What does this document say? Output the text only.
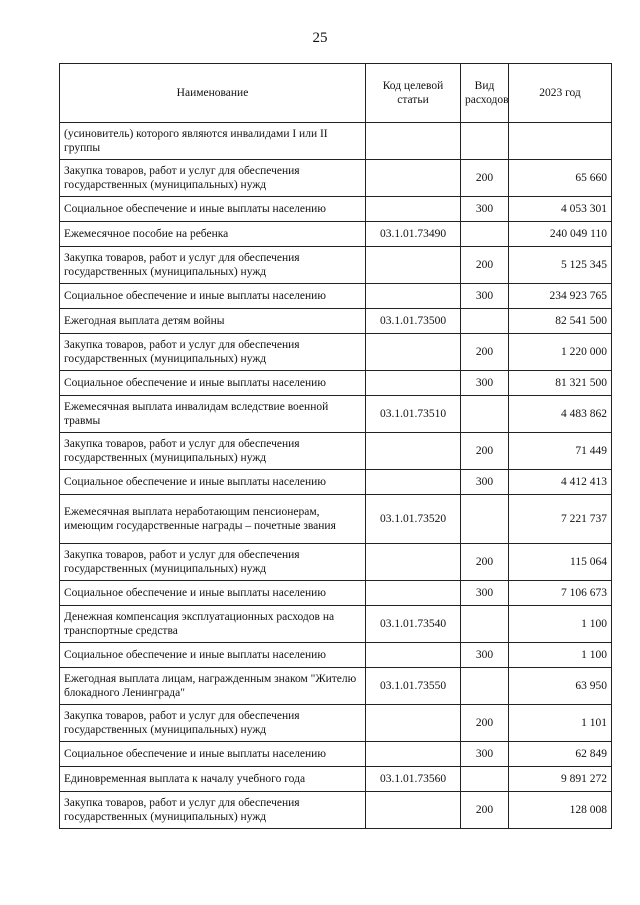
25
Наименование	Код целевой статьи	Вид расходов	2023 год
(усиновитель) которого являются инвалидами I или II группы			
Закупка товаров, работ и услуг для обеспечения государственных (муниципальных) нужд		200	65 660
Социальное обеспечение и иные выплаты населению		300	4 053 301
Ежемесячное пособие на ребенка	03.1.01.73490		240 049 110
Закупка товаров, работ и услуг для обеспечения государственных (муниципальных) нужд		200	5 125 345
Социальное обеспечение и иные выплаты населению		300	234 923 765
Ежегодная выплата детям войны	03.1.01.73500		82 541 500
Закупка товаров, работ и услуг для обеспечения государственных (муниципальных) нужд		200	1 220 000
Социальное обеспечение и иные выплаты населению		300	81 321 500
Ежемесячная выплата инвалидам вследствие военной травмы	03.1.01.73510		4 483 862
Закупка товаров, работ и услуг для обеспечения государственных (муниципальных) нужд		200	71 449
Социальное обеспечение и иные выплаты населению		300	4 412 413
Ежемесячная выплата неработающим пенсионерам, имеющим государственные награды – почетные звания	03.1.01.73520		7 221 737
Закупка товаров, работ и услуг для обеспечения государственных (муниципальных) нужд		200	115 064
Социальное обеспечение и иные выплаты населению		300	7 106 673
Денежная компенсация эксплуатационных расходов на транспортные средства	03.1.01.73540		1 100
Социальное обеспечение и иные выплаты населению		300	1 100
Ежегодная выплата лицам, награжденным знаком "Жителю блокадного Ленинграда"	03.1.01.73550		63 950
Закупка товаров, работ и услуг для обеспечения государственных (муниципальных) нужд		200	1 101
Социальное обеспечение и иные выплаты населению		300	62 849
Единовременная выплата к началу учебного года	03.1.01.73560		9 891 272
Закупка товаров, работ и услуг для обеспечения государственных (муниципальных) нужд		200	128 008
